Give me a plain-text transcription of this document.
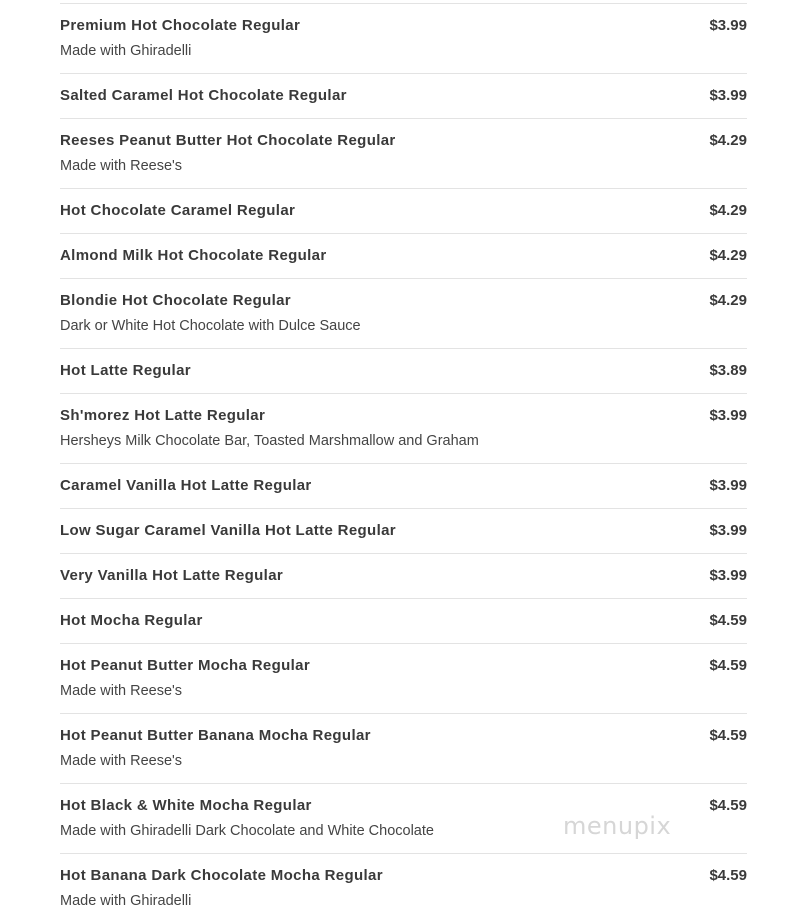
Premium Hot Chocolate Regular	$3.99
Made with Ghiradelli
Salted Caramel Hot Chocolate Regular	$3.99
Reeses Peanut Butter Hot Chocolate Regular	$4.29
Made with Reese's
Hot Chocolate Caramel Regular	$4.29
Almond Milk Hot Chocolate Regular	$4.29
Blondie Hot Chocolate Regular	$4.29
Dark or White Hot Chocolate with Dulce Sauce
Hot Latte Regular	$3.89
Sh'morez Hot Latte Regular	$3.99
Hersheys Milk Chocolate Bar, Toasted Marshmallow and Graham
Caramel Vanilla Hot Latte Regular	$3.99
Low Sugar Caramel Vanilla Hot Latte Regular	$3.99
Very Vanilla Hot Latte Regular	$3.99
Hot Mocha Regular	$4.59
Hot Peanut Butter Mocha Regular	$4.59
Made with Reese's
Hot Peanut Butter Banana Mocha Regular	$4.59
Made with Reese's
Hot Black & White Mocha Regular	$4.59
Made with Ghiradelli Dark Chocolate and White Chocolate
Hot Banana Dark Chocolate Mocha Regular	$4.59
Made with Ghiradelli
menupix
